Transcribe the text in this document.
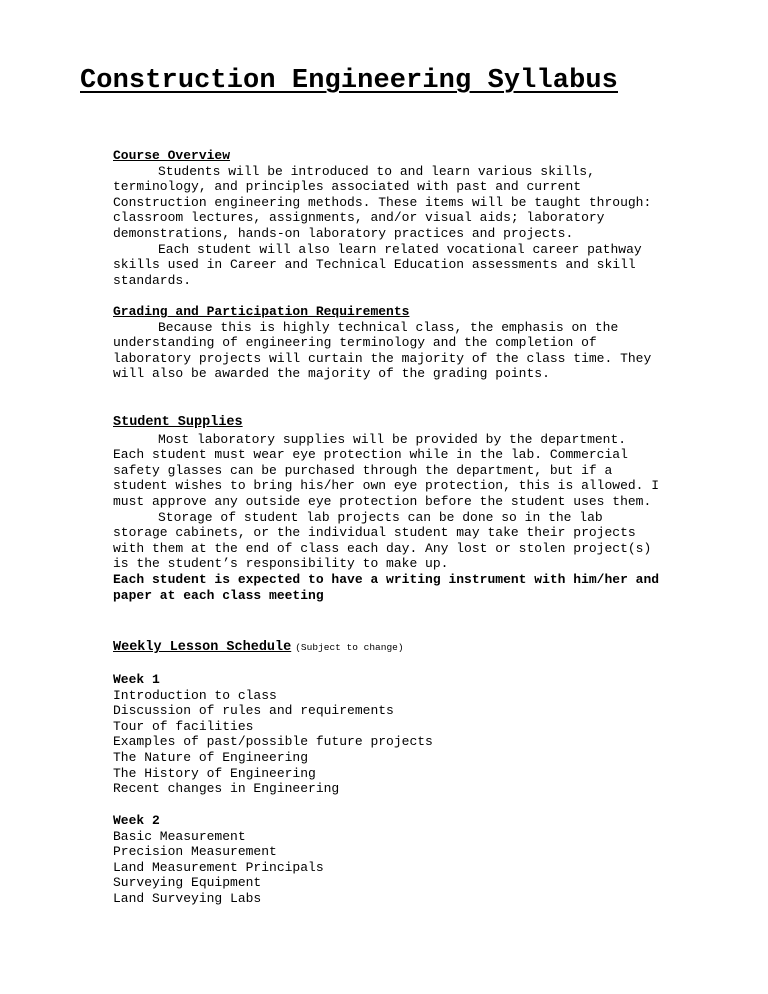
Construction Engineering Syllabus
Course Overview
Students will be introduced to and learn various skills,
terminology, and principles associated with past and current
Construction engineering methods. These items will be taught through:
classroom lectures, assignments, and/or visual aids; laboratory
demonstrations, hands-on laboratory practices and projects.
Each student will also learn related vocational career pathway
skills used in Career and Technical Education assessments and skill
standards.
Grading and Participation Requirements
Because this is highly technical class, the emphasis on the
understanding of engineering terminology and the completion of
laboratory projects will curtain the majority of the class time. They
will also be awarded the majority of the grading points.
Student Supplies
Most laboratory supplies will be provided by the department.
Each student must wear eye protection while in the lab. Commercial
safety glasses can be purchased through the department, but if a
student wishes to bring his/her own eye protection, this is allowed. I
must approve any outside eye protection before the student uses them.
Storage of student lab projects can be done so in the lab
storage cabinets, or the individual student may take their projects
with them at the end of class each day. Any lost or stolen project(s)
is the student’s responsibility to make up.
Each student is expected to have a writing instrument with him/her and
paper at each class meeting
Weekly Lesson Schedule (Subject to change)
Week 1
Introduction to class
Discussion of rules and requirements
Tour of facilities
Examples of past/possible future projects
The Nature of Engineering
The History of Engineering
Recent changes in Engineering
Week 2
Basic Measurement
Precision Measurement
Land Measurement Principals
Surveying Equipment
Land Surveying Labs
